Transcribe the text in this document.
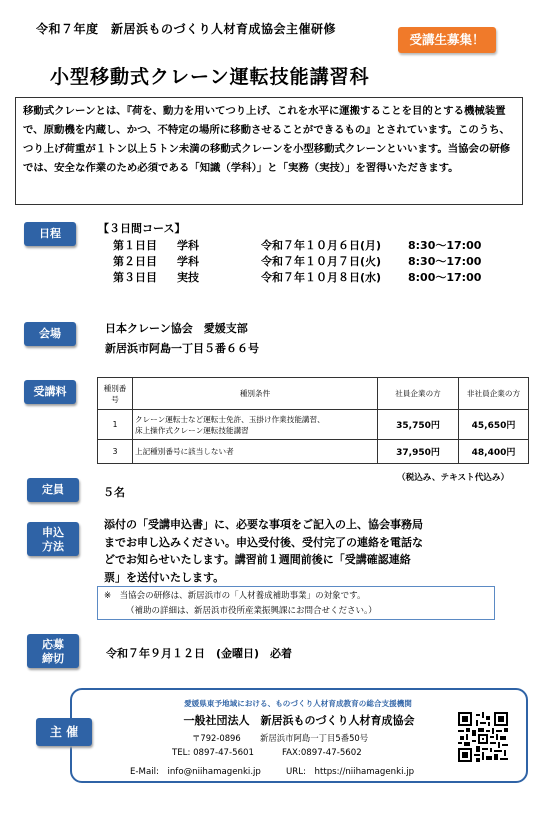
令和７年度　新居浜ものづくり人材育成協会主催研修
受講生募集！
小型移動式クレーン運転技能講習科
移動式クレーンとは、『荷を、動力を用いてつり上げ、これを水平に運搬することを目的とする機械装置で、原動機を内蔵し、かつ、不特定の場所に移動させることができるもの』とされています。このうち、つり上げ荷重が１トン以上５トン未満の移動式クレーンを小型移動式クレーンといいます。当協会の研修では、安全な作業のため必須である「知識（学科）」と「実務（実技）」を習得いただきます。
日程	【３日間コース】
第１日目	学科	令和７年１０月６日(月)	8:30～17:00
第２日目	学科	令和７年１０月７日(火)	8:30～17:00
第３日目	実技	令和７年１０月８日(水)	8:00～17:00
会場	日本クレーン協会　愛媛支部
新居浜市阿島一丁目５番６６号
受講料	種別番号	種別条件	社員企業の方	非社員企業の方
1	クレーン運転士など運転士免許、玉掛け作業技能講習、
床上操作式クレーン運転技能講習	35,750円	45,650円
3	上記種別番号に該当しない者	37,950円	48,400円
（税込み、テキスト代込み）
定員	５名
申込
方法
添付の「受講申込書」に、必要な事項をご記入の上、協会事務局
までお申し込みください。申込受付後、受付完了の連絡を電話な
どでお知らせいたします。講習前１週間前後に「受講確認連絡
票」を送付いたします。
※　当協会の研修は、新居浜市の「人材養成補助事業」の対象です。
（補助の詳細は、新居浜市役所産業振興課にお問合せください。）
応募
締切	令和７年９月１２日　(金曜日)　必着
主 催
愛媛県東予地域における、ものづくり人材育成教育の総合支援機関
一般社団法人　新居浜ものづくり人材育成協会
〒792-0896 新居浜市阿島一丁目5番50号
TEL: 0897-47-5601	FAX:0897-47-5602
E-Mail:　info@niihamagenki.jp	URL:　https://niihamagenki.jp
